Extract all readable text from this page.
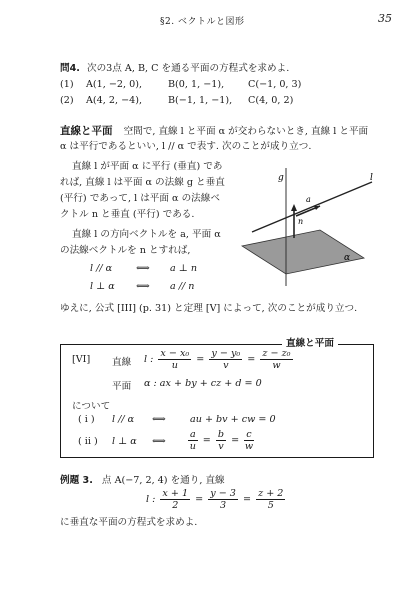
§2. ベクトルと図形	35
問4. 次の3点 A, B, C を通る平面の方程式を求めよ.
(1) A(1, −2, 0),	B(0, 1, −1), C(−1, 0, 3)
(2) A(4, 2, −4),	B(−1, 1, −1), C(4, 0, 2)
直線と平面 空間で, 直線 l と平面 α が交わらないとき, 直線 l と平面
α は平行であるといい, l // α で表す. 次のことが成り立つ.
直線 l が平面 α に平行 (垂直) であ
れば, 直線 l は平面 α の法線 g と垂直
(平行) であって, l は平面 α の法線ベ
クトル n と垂直 (平行) である.
直線 l の方向ベクトルを a, 平面 α
の法線ベクトルを n とすれば,
l // α ⟺ a ⊥ n
l ⊥ α ⟺ a // n
ゆえに, 公式 [III] (p. 31) と定理 [V] によって, 次のことが成り立つ.
g	l
a
n
α
直線と平面
[VI] 直線 l : $\frac{\text{x − x₀}}{u} = \frac{\text{y − y₀}}{v} = \frac{\text{z − z₀}}{w}$
平面 α : ax + by + cz + d = 0
について
( i ) l // α ⟺	au + bv + cw = 0
( ii ) l ⊥ α ⟺ $\frac{a}{u} = \frac{b}{v} = \frac{c}{w}$
例題 3. 点 A(−7, 2, 4) を通り, 直線
l : $\frac{x + 1}{2} = \frac{y - 3}{3} = \frac{z + 2}{5}$
に垂直な平面の方程式を求めよ.
